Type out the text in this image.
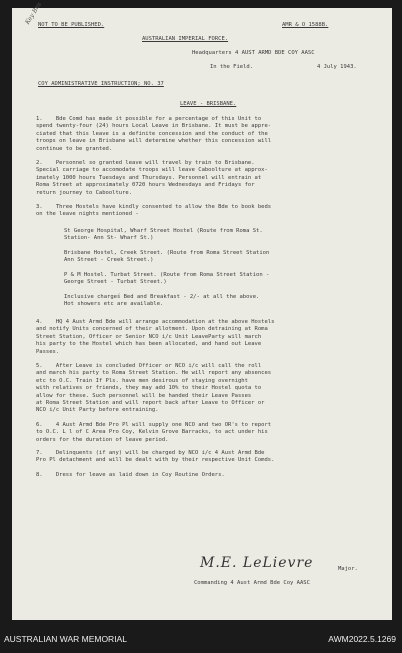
Key Bns
NOT TO BE PUBLISHED.	AMR & O 1588B.
AUSTRALIAN IMPERIAL FORCE.
Headquarters 4 AUST ARMD BDE COY AASC
In the Field.	4 July 1943.
COY ADMINISTRATIVE INSTRUCTION; NO. 37
LEAVE - BRISBANE.
1.    Bde Comd has made it possible for a percentage of this Unit to
spend twenty-four (24) hours Local Leave in Brisbane. It must be appre-
ciated that this leave is a definite concession and the conduct of the
troops on leave in Brisbane will determine whether this concession will
continue to be granted.
2.    Personnel so granted leave will travel by train to Brisbane.
Special carriage to accomodate troops will leave Caboolture at approx-
imately 1000 hours Tuesdays and Thursdays. Personnel will entrain at
Roma Street at approximately 0720 hours Wednesdays and Fridays for
return journey to Caboolture.
3.    Three Hostels have kindly consented to allow the Bde to book beds
on the leave nights mentioned -
St George Hospital, Wharf Street Hostel (Route from Roma St.
Station- Ann St- Wharf St.)
Brisbane Hostel, Creek Street. (Route from Roma Street Station
Ann Street - Creek Street.)
P & M Hostel. Turbat Street. (Route from Roma Street Station -
George Street - Turbat Street.)
Inclusive chargeś Bed and Breakfast - 2/- at all the above.
Hot showers etc are available.
4.    HQ 4 Aust Armd Bde will arrange accommodation at the above Hostels
and notify Units concerned of their allotment. Upon detraining at Roma
Street Station, Officer or Senior NCO i/c Unit LeaveParty will march
his party to the Hostel which has been allocated, and hand out Leave
Passes.
5.    After Leave is concluded Officer or NCO i/c will call the roll
and march his party to Roma Street Station. He will report any absences
etc to O.C. Train If Pls. have men desirous of staying overnight
with relatives or friends, they may add 10% to their Hostel quota to
allow for these. Such personnel will be handed their Leave Passes
at Roma Street Station and will report back after Leave to Officer or
NCO i/c Unit Party before entraining.
6.    4 Aust Armd Bde Pro Pl will supply one NCO and two OR's to report
to O.C. L l of C Area Pro Coy, Kelvin Grove Barracks, to act under his
orders for the duration of leave period.
7.    Delinquents (if any) will be charged by NCO i/c 4 Aust Armd Bde
Pro Pl detachment and will be dealt with by their respective Unit Comds.
8.    Dress for leave as laid down in Coy Routine Orders.
M.E. LeLievre	Major.
Commanding 4 Aust Armd Bde Coy AASC
AUSTRALIAN WAR MEMORIAL	AWM2022.5.1269
